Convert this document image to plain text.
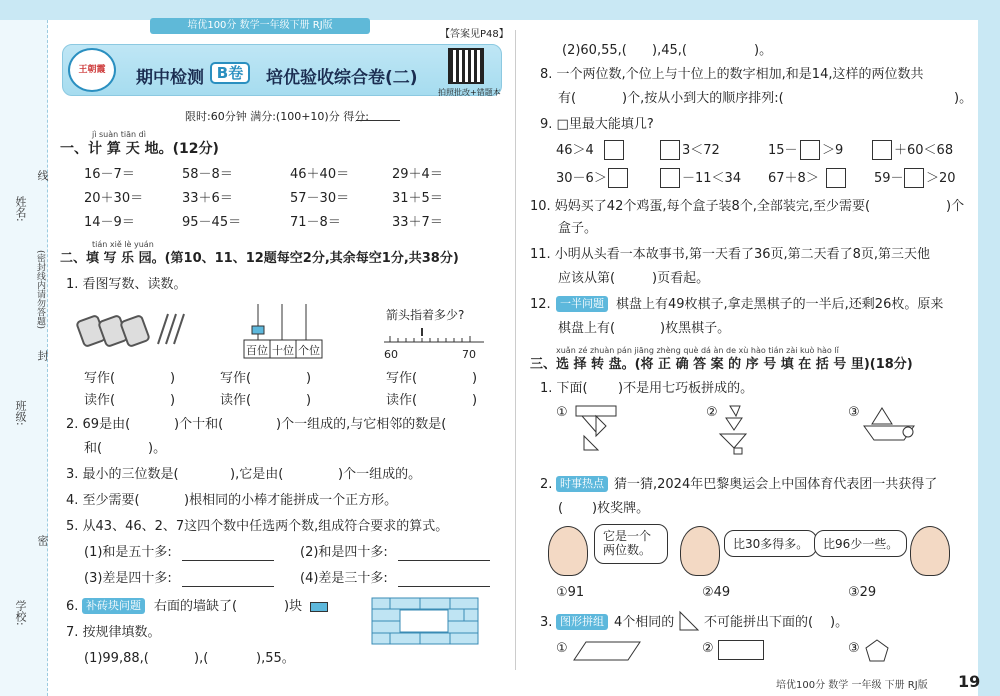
培优100分 数学一年级下册 RJ版
姓名:
班级:
学校:
线
(密封线内请勿答题)
封
密
【答案见P48】
王朝霞	期中检测 B卷	培优验收综合卷(二)
拍照批改+错题本
限时:60分钟 满分:(100+10)分 得分:
jì suàn tiān dì
一、计 算 天 地。(12分)
16－7＝	58－8＝	46＋40＝	29＋4＝
20＋30＝	33＋6＝	57－30＝	31＋5＝
14－9＝	95－45＝	71－8＝	33＋7＝
tián xiě lè yuán
二、填 写 乐 园。(第10、11、12题每空2分,其余每空1分,共38分)
1. 看图写数、读数。
百位 十位 个位
箭头指着多少?
60	70
写作(	)	写作(	)	写作(	)
读作(	)	读作(	)	读作(	)
2. 69是由(	)个十和(	)个一组成的,与它相邻的数是(
和(	)。
3. 最小的三位数是(	),它是由(	)个一组成的。
4. 至少需要(	)根相同的小棒才能拼成一个正方形。
5. 从43、46、2、7这四个数中任选两个数,组成符合要求的算式。
(1)和是五十多:	(2)和是四十多:
(3)差是四十多:	(4)差是三十多:
6. 补砖块问题	右面的墙缺了(	)块
7. 按规律填数。
(1)99,88,(	),(	),55。
(2)60,55,( ),45,(	)。
8. 一个两位数,个位上与十位上的数字相加,和是14,这样的两位数共
有(	)个,按从小到大的顺序排列:(	)。
9. □里最大能填几?
46＞4	3＜72	15－ ＞9	＋60＜68
30－6＞	－11＜34 67＋8＞	59－ ＞20
10. 妈妈买了42个鸡蛋,每个盒子装8个,全部装完,至少需要(	)个
盒子。
11. 小明从头看一本故事书,第一天看了36页,第二天看了8页,第三天他
应该从第(	)页看起。
12. 一半问题 棋盘上有49枚棋子,拿走黑棋子的一半后,还剩26枚。原来
棋盘上有(	)枚黑棋子。
xuǎn zé zhuàn pán jiāng zhèng què dá àn de xù hào tián zài kuò hào lǐ
三、选 择 转 盘。(将 正 确 答 案 的 序 号 填 在 括 号 里)(18分)
1. 下面( )不是用七巧板拼成的。
①	②	③
2. 时事热点 猜一猜,2024年巴黎奥运会上中国体育代表团一共获得了
( )枚奖牌。
它是一个两位数。	比30多得多。	比96少一些。
①91	②49	③29
3. 图形拼组 4个相同的 不可能拼出下面的( )。
①	②	③
培优100分 数学 一年级 下册 RJ版 19
